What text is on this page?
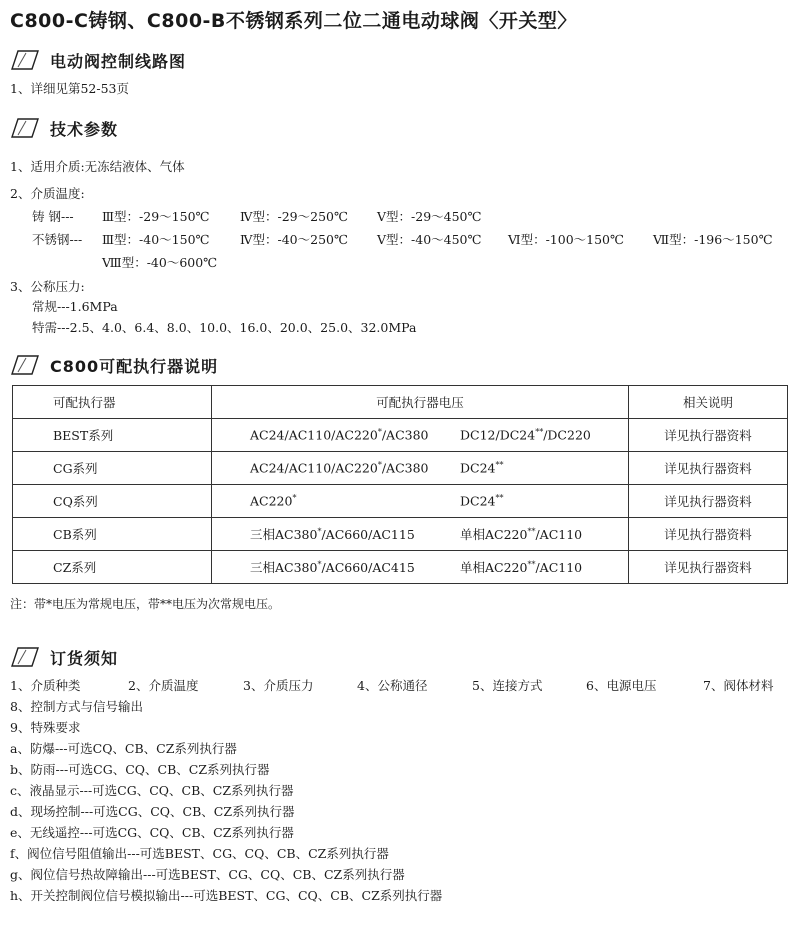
C800-C铸钢、C800-B不锈钢系列二位二通电动球阀〈开关型〉
电动阀控制线路图
1、详细见第52-53页
技术参数
1、适用介质:无冻结液体、气体
2、介质温度:
铸 钢--- Ⅲ型：-29～150℃ Ⅳ型：-29～250℃ Ⅴ型：-29～450℃
不锈钢--- Ⅲ型：-40～150℃ Ⅳ型：-40～250℃ Ⅴ型：-40～450℃ Ⅵ型：-100～150℃ Ⅶ型：-196～150℃
Ⅷ型：-40～600℃
3、公称压力:
常规---1.6MPa
特需---2.5、4.0、6.4、8.0、10.0、16.0、20.0、25.0、32.0MPa
C800可配执行器说明
可配执行器	可配执行器电压	相关说明
BEST系列	AC24/AC110/AC220*/AC380 DC12/DC24**/DC220	详见执行器资料
CG系列	AC24/AC110/AC220*/AC380 DC24**	详见执行器资料
CQ系列	AC220* DC24**	详见执行器资料
CB系列	三相AC380*/AC660/AC115 单相AC220**/AC110	详见执行器资料
CZ系列	三相AC380*/AC660/AC415 单相AC220**/AC110	详见执行器资料
注：带*电压为常规电压，带**电压为次常规电压。
订货须知
1、介质种类	2、介质温度	3、介质压力	4、公称通径	5、连接方式	6、电源电压	7、阀体材料
8、控制方式与信号输出
9、特殊要求
a、防爆---可选CQ、CB、CZ系列执行器
b、防雨---可选CG、CQ、CB、CZ系列执行器
c、液晶显示---可选CG、CQ、CB、CZ系列执行器
d、现场控制---可选CG、CQ、CB、CZ系列执行器
e、无线遥控---可选CG、CQ、CB、CZ系列执行器
f、阀位信号阻值输出---可选BEST、CG、CQ、CB、CZ系列执行器
g、阀位信号热故障输出---可选BEST、CG、CQ、CB、CZ系列执行器
h、开关控制阀位信号模拟输出---可选BEST、CG、CQ、CB、CZ系列执行器
